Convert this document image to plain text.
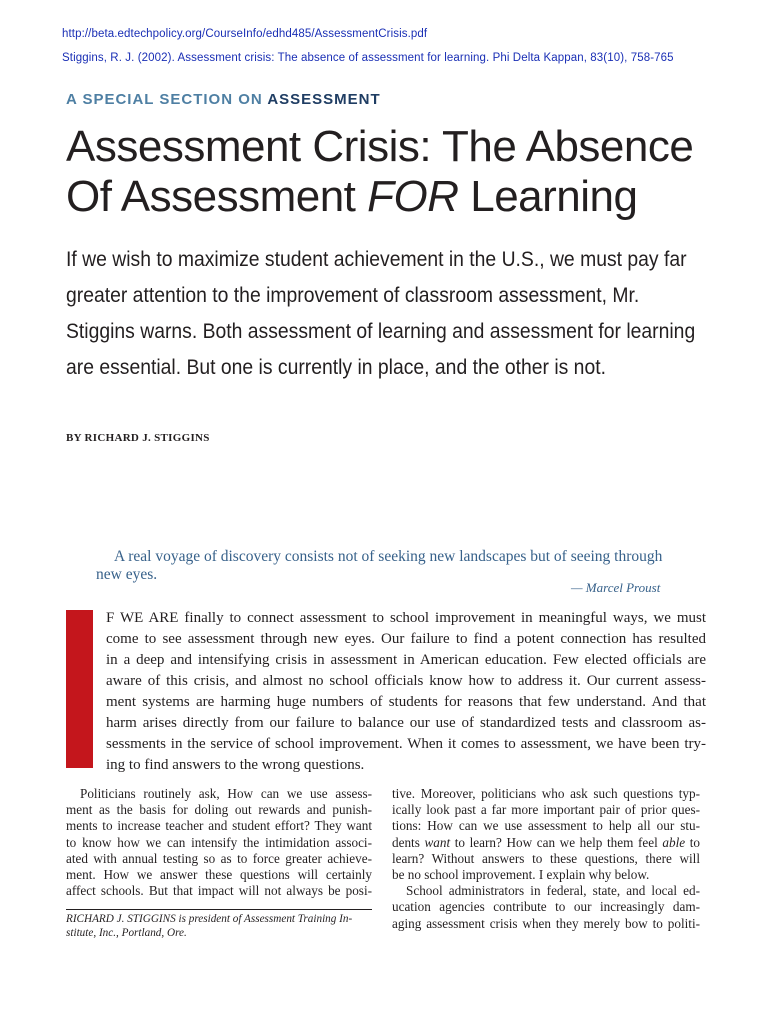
http://beta.edtechpolicy.org/CourseInfo/edhd485/AssessmentCrisis.pdf
Stiggins, R. J. (2002). Assessment crisis: The absence of assessment for learning. Phi Delta Kappan, 83(10), 758-765
A SPECIAL SECTION ON ASSESSMENT
Assessment Crisis: The Absence
Of Assessment FOR Learning
If we wish to maximize student achievement in the U.S., we must pay far
greater attention to the improvement of classroom assessment, Mr.
Stiggins warns. Both assessment of learning and assessment for learning
are essential. But one is currently in place, and the other is not.
BY RICHARD J. STIGGINS
A real voyage of discovery consists not of seeking new landscapes but of seeing through
new eyes.
— Marcel Proust
F WE ARE finally to connect assessment to school improvement in meaningful ways, we must
come to see assessment through new eyes. Our failure to find a potent connection has resulted
in a deep and intensifying crisis in assessment in American education. Few elected officials are
aware of this crisis, and almost no school officials know how to address it. Our current assess-
ment systems are harming huge numbers of students for reasons that few understand. And that
harm arises directly from our failure to balance our use of standardized tests and classroom as-
sessments in the service of school improvement. When it comes to assessment, we have been try-
ing to find answers to the wrong questions.
Politicians routinely ask, How can we use assess-
ment as the basis for doling out rewards and punish-
ments to increase teacher and student effort? They want
to know how we can intensify the intimidation associ-
ated with annual testing so as to force greater achieve-
ment. How we answer these questions will certainly
affect schools. But that impact will not always be posi-
RICHARD J. STIGGINS is president of Assessment Training In-
stitute, Inc., Portland, Ore.
tive. Moreover, politicians who ask such questions typ-
ically look past a far more important pair of prior ques-
tions: How can we use assessment to help all our stu-
dents want to learn? How can we help them feel able to
learn? Without answers to these questions, there will
be no school improvement. I explain why below.
School administrators in federal, state, and local ed-
ucation agencies contribute to our increasingly dam-
aging assessment crisis when they merely bow to politi-
